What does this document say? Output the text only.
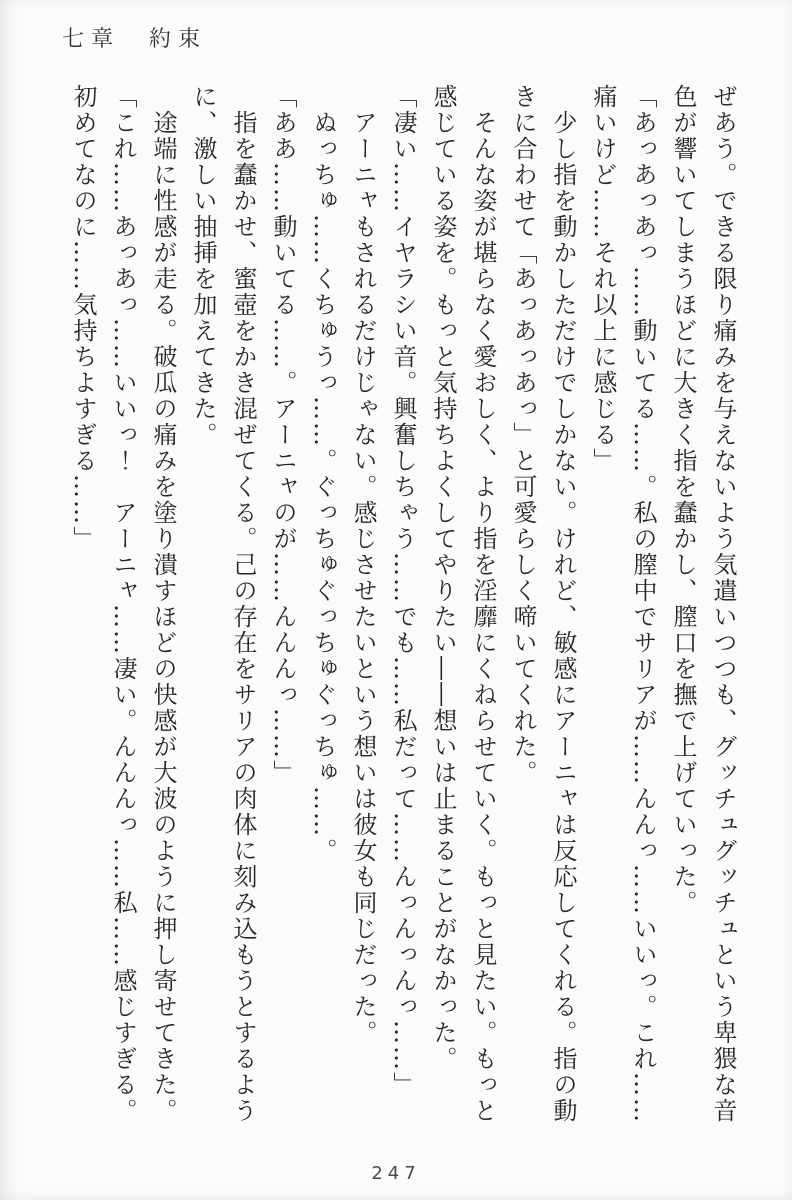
七章　約束

ぜあう。できる限り痛みを与えないよう気遣いつつも、グッチュグッチュという卑猥な音

色が響いてしまうほどに大きく指を蠢かし、膣口を撫で上げていった。

「あっあっあっ……動いてる……。私の膣中でサリアが……んんっ……いいっ。これ……

痛いけど……それ以上に感じる」

　少し指を動かしただけでしかない。けれど、敏感にアーニャは反応してくれる。指の動

きに合わせて「あっあっあっ」と可愛らしく啼いてくれた。

　そんな姿が堪らなく愛おしく、より指を淫靡にくねらせていく。もっと見たい。もっと

感じている姿を。もっと気持ちよくしてやりたい――想いは止まることがなかった。

「凄い……イヤラシい音。興奮しちゃう……でも……私だって……んっんっんっ……」

　アーニャもされるだけじゃない。感じさせたいという想いは彼女も同じだった。

　ぬっちゅ……くちゅうっ……。ぐっちゅぐっちゅぐっちゅ……。

「ああ……動いてる……。アーニャのが……んんんっ……」

　指を蠢かせ、蜜壺をかき混ぜてくる。己の存在をサリアの肉体に刻み込もうとするよう

に、激しい抽挿を加えてきた。

　途端に性感が走る。破瓜の痛みを塗り潰すほどの快感が大波のように押し寄せてきた。

「これ……あっあっ……いいっ！　アーニャ……凄い。んんんっ……私……感じすぎる。

初めてなのに……気持ちよすぎる……」

247
